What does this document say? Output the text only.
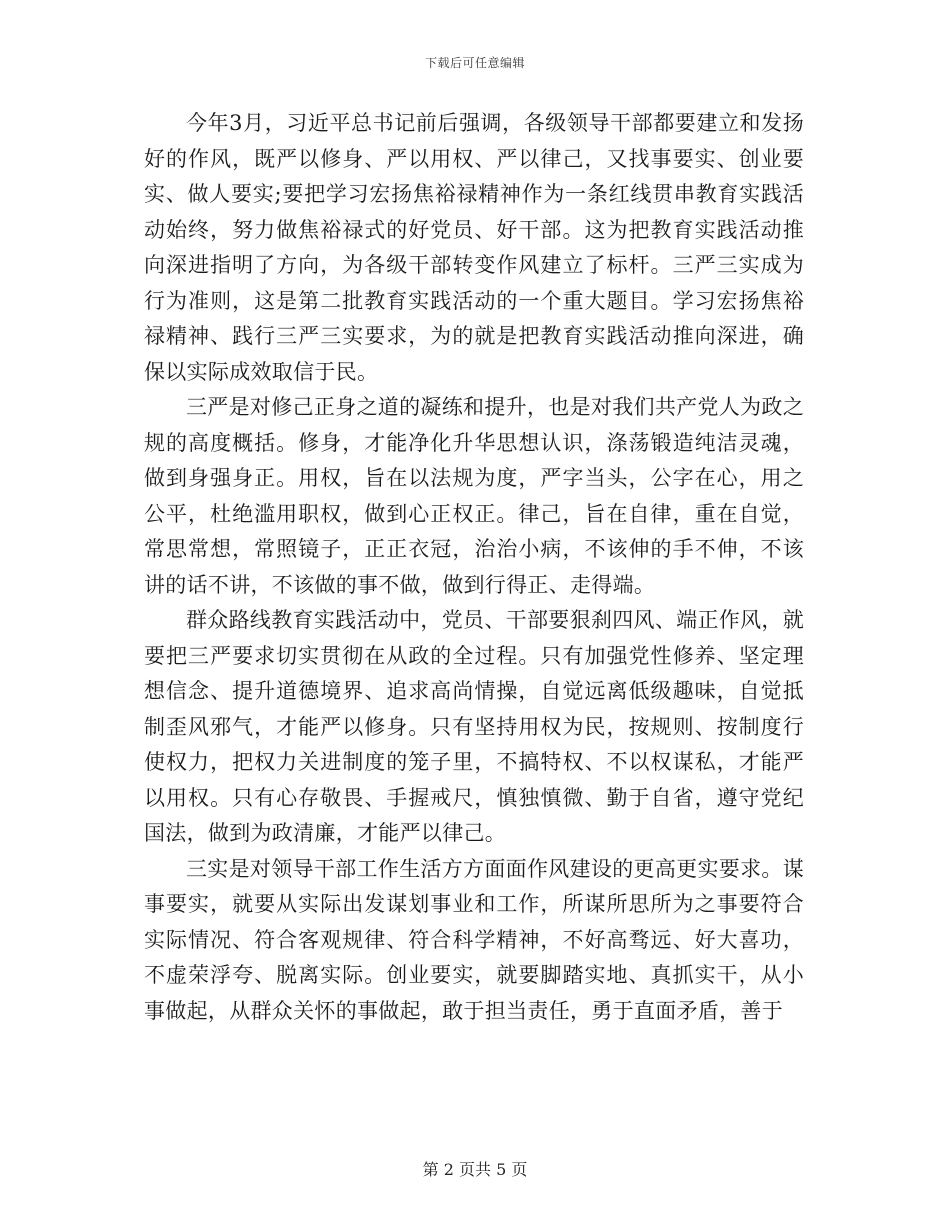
下载后可任意编辑

今年3月，习近平总书记前后强调，各级领导干部都要建立和发扬好的作风，既严以修身、严以用权、严以律己，又找事要实、创业要实、做人要实;要把学习宏扬焦裕禄精神作为一条红线贯串教育实践活动始终，努力做焦裕禄式的好党员、好干部。这为把教育实践活动推向深进指明了方向，为各级干部转变作风建立了标杆。三严三实成为行为准则，这是第二批教育实践活动的一个重大题目。学习宏扬焦裕禄精神、践行三严三实要求，为的就是把教育实践活动推向深进，确保以实际成效取信于民。

三严是对修己正身之道的凝练和提升，也是对我们共产党人为政之规的高度概括。修身，才能净化升华思想认识，涤荡锻造纯洁灵魂，做到身强身正。用权，旨在以法规为度，严字当头，公字在心，用之公平，杜绝滥用职权，做到心正权正。律己，旨在自律，重在自觉，常思常想，常照镜子，正正衣冠，治治小病，不该伸的手不伸，不该讲的话不讲，不该做的事不做，做到行得正、走得端。

群众路线教育实践活动中，党员、干部要狠刹四风、端正作风，就要把三严要求切实贯彻在从政的全过程。只有加强党性修养、坚定理想信念、提升道德境界、追求高尚情操，自觉远离低级趣味，自觉抵制歪风邪气，才能严以修身。只有坚持用权为民，按规则、按制度行使权力，把权力关进制度的笼子里，不搞特权、不以权谋私，才能严以用权。只有心存敬畏、手握戒尺，慎独慎微、勤于自省，遵守党纪国法，做到为政清廉，才能严以律己。

三实是对领导干部工作生活方方面面作风建设的更高更实要求。谋事要实，就要从实际出发谋划事业和工作，所谋所思所为之事要符合实际情况、符合客观规律、符合科学精神，不好高骛远、好大喜功，不虚荣浮夸、脱离实际。创业要实，就要脚踏实地、真抓实干，从小事做起，从群众关怀的事做起，敢于担当责任，勇于直面矛盾，善于

第 2 页共 5 页
